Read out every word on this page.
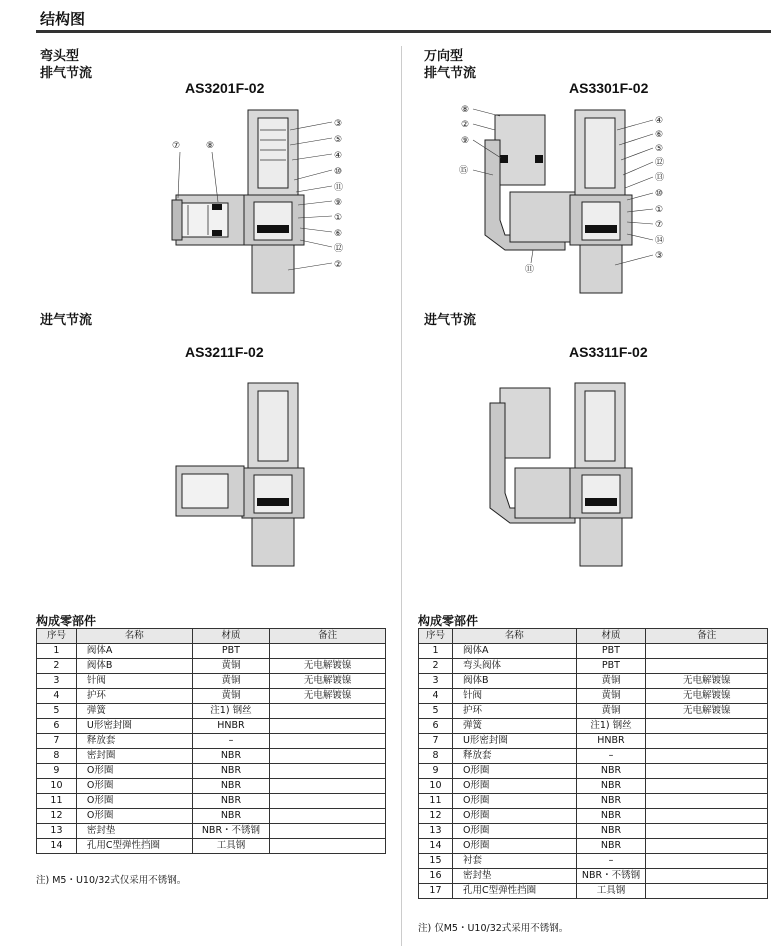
结构图
弯头型
排气节流
AS3201F-02
进气节流
AS3211F-02
万向型
排气节流
AS3301F-02
进气节流
AS3311F-02
③
⑤
④
⑩
⑪
⑨
①
⑥
⑫
②
⑦	⑧
④
⑥
⑤
⑫
⑬
⑩
①
⑦
⑭
③
⑧
②
⑨
⑮
⑪
构成零部件
序号	名称	材质	备注
1	阀体A	PBT	
2	阀体B	黄铜	无电解镀镍
3	针阀	黄铜	无电解镀镍
4	护环	黄铜	无电解镀镍
5	弹簧	注1) 钢丝	
6	U形密封圈	HNBR	
7	释放套	–	
8	密封圈	NBR	
9	O形圈	NBR	
10	O形圈	NBR	
11	O形圈	NBR	
12	O形圈	NBR	
13	密封垫	NBR・不锈钢	
14	孔用C型弹性挡圈	工具钢	
注) M5・U10/32式仅采用不锈钢。
构成零部件
序号	名称	材质	备注
1	阀体A	PBT	
2	弯头阀体	PBT	
3	阀体B	黄铜	无电解镀镍
4	针阀	黄铜	无电解镀镍
5	护环	黄铜	无电解镀镍
6	弹簧	注1) 钢丝	
7	U形密封圈	HNBR	
8	释放套	–	
9	O形圈	NBR	
10	O形圈	NBR	
11	O形圈	NBR	
12	O形圈	NBR	
13	O形圈	NBR	
14	O形圈	NBR	
15	衬套	–	
16	密封垫	NBR・不锈钢	
17	孔用C型弹性挡圈	工具钢	
注) 仅M5・U10/32式采用不锈钢。
